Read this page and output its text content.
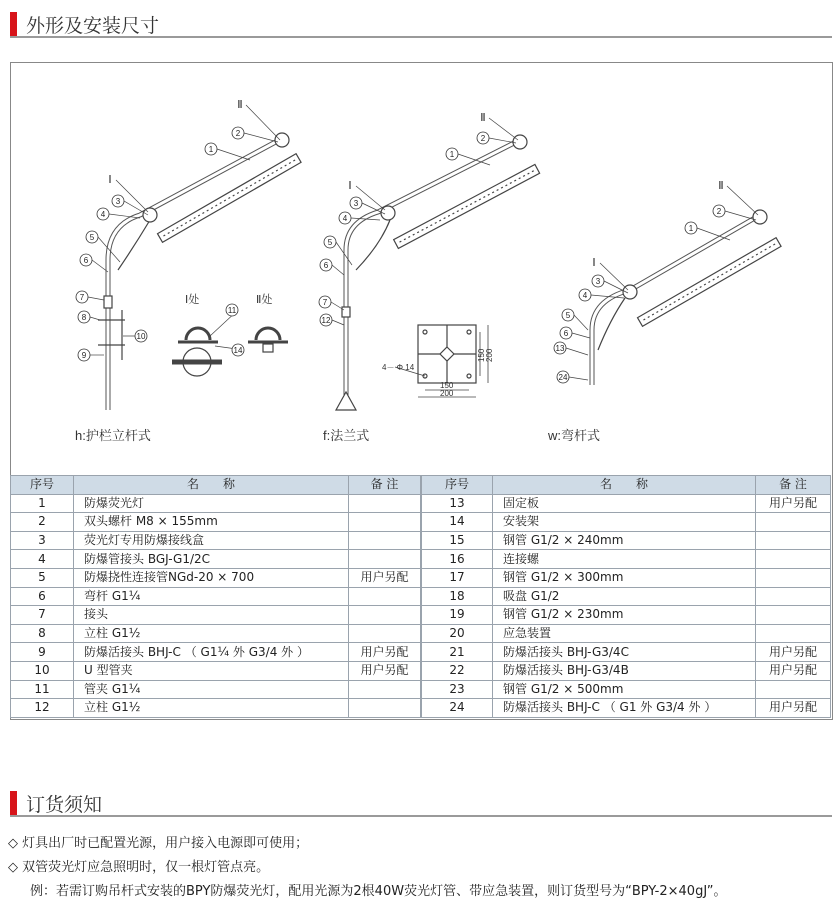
外形及安装尺寸
Ⅱ
2
1
Ⅰ
3
4
5
6
7
8
9
10
11
14
Ⅱ
2
1
Ⅰ
3
4
5
6
7
12
Ⅱ
2
1
Ⅰ
3
4
5
6
13
24
h:护栏立杆式	f:法兰式	w:弯杆式
Ⅰ处	Ⅱ处
4－ Φ 14
150
200
150 200
序号	名　　称	备 注
1	防爆荧光灯	
2	双头螺杆 M8 × 155mm	
3	荧光灯专用防爆接线盒	
4	防爆管接头 BGJ-G1/2C	
5	防爆挠性连接管NGd-20 × 700	用户另配
6	弯杆 G1¼	
7	接头	
8	立柱 G1½	
9	防爆活接头 BHJ-C （ G1¼ 外 G3/4 外 ）	用户另配
10	U 型管夹	用户另配
11	管夹 G1¼	
12	立柱 G1½	
序号	名　　称	备 注
13	固定板	用户另配
14	安装架	
15	钢管 G1/2 × 240mm	
16	连接螺	
17	钢管 G1/2 × 300mm	
18	吸盘 G1/2	
19	钢管 G1/2 × 230mm	
20	应急装置	
21	防爆活接头 BHJ-G3/4C	用户另配
22	防爆活接头 BHJ-G3/4B	用户另配
23	钢管 G1/2 × 500mm	
24	防爆活接头 BHJ-C （ G1 外 G3/4 外 ）	用户另配
订货须知
◇ 灯具出厂时已配置光源，用户接入电源即可使用；
◇ 双管荧光灯应急照明时，仅一根灯管点亮。
例：若需订购吊杆式安装的BPY防爆荧光灯，配用光源为2根40W荧光灯管、带应急装置，则订货型号为“BPY-2×40gJ”。
